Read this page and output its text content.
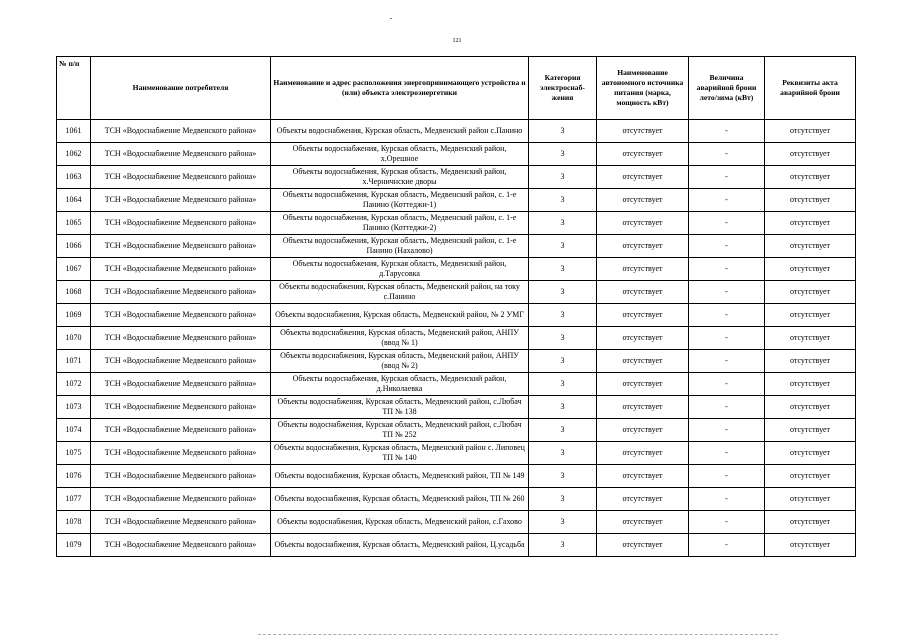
121
№ п/п	Наименование потребителя	Наименование и адрес расположения энергопринимающего устройства и (или) объекта электроэнергетики	Категория электроснаб-жения	Наименование автономного источника питания (марка, мощность кВт)	Величина аварийной брони лето/зима (кВт)	Реквизиты акта аварийной брони
1061	ТСН «Водоснабжение Медвенского района»	Объекты водоснабжения, Курская область, Медвенский район с.Панино	3	отсутствует	-	отсутствует
1062	ТСН «Водоснабжение Медвенского района»	Объекты водоснабжения, Курская область, Медвенский район, х.Орешное	3	отсутствует	-	отсутствует
1063	ТСН «Водоснабжение Медвенского района»	Объекты водоснабжения, Курская область, Медвенский район, х.Черничнские дворы	3	отсутствует	-	отсутствует
1064	ТСН «Водоснабжение Медвенского района»	Объекты водоснабжения, Курская область, Медвенский район, с. 1-е Панино (Коттеджи-1)	3	отсутствует	-	отсутствует
1065	ТСН «Водоснабжение Медвенского района»	Объекты водоснабжения, Курская область, Медвенский район, с. 1-е Панино (Коттеджи-2)	3	отсутствует	-	отсутствует
1066	ТСН «Водоснабжение Медвенского района»	Объекты водоснабжения, Курская область, Медвенский район, с. 1-е Панино (Нахалово)	3	отсутствует	-	отсутствует
1067	ТСН «Водоснабжение Медвенского района»	Объекты водоснабжения, Курская область, Медвенский район, д.Тарусовка	3	отсутствует	-	отсутствует
1068	ТСН «Водоснабжение Медвенского района»	Объекты водоснабжения, Курская область, Медвенский район, на току с.Панино	3	отсутствует	-	отсутствует
1069	ТСН «Водоснабжение Медвенского района»	Объекты водоснабжения, Курская область, Медвенский район, № 2 УМГ	3	отсутствует	-	отсутствует
1070	ТСН «Водоснабжение Медвенского района»	Объекты водоснабжения, Курская область, Медвенский район, АНПУ (ввод № 1)	3	отсутствует	-	отсутствует
1071	ТСН «Водоснабжение Медвенского района»	Объекты водоснабжения, Курская область, Медвенский район, АНПУ (ввод № 2)	3	отсутствует	-	отсутствует
1072	ТСН «Водоснабжение Медвенского района»	Объекты водоснабжения, Курская область, Медвенский район, д.Николаевка	3	отсутствует	-	отсутствует
1073	ТСН «Водоснабжение Медвенского района»	Объекты водоснабжения, Курская область, Медвенский район, с.Любач ТП № 138	3	отсутствует	-	отсутствует
1074	ТСН «Водоснабжение Медвенского района»	Объекты водоснабжения, Курская область, Медвенский район, с.Любач ТП № 252	3	отсутствует	-	отсутствует
1075	ТСН «Водоснабжение Медвенского района»	Объекты водоснабжения, Курская область, Медвенский район с. Липовец ТП № 140	3	отсутствует	-	отсутствует
1076	ТСН «Водоснабжение Медвенского района»	Объекты водоснабжения, Курская область, Медвенский район, ТП № 149	3	отсутствует	-	отсутствует
1077	ТСН «Водоснабжение Медвенского района»	Объекты водоснабжения, Курская область, Медвенский район, ТП № 260	3	отсутствует	-	отсутствует
1078	ТСН «Водоснабжение Медвенского района»	Объекты водоснабжения, Курская область, Медвенский район, с.Гахово	3	отсутствует	-	отсутствует
1079	ТСН «Водоснабжение Медвенского района»	Объекты водоснабжения, Курская область, Медвенский район, Ц.усадьба	3	отсутствует	-	отсутствует
